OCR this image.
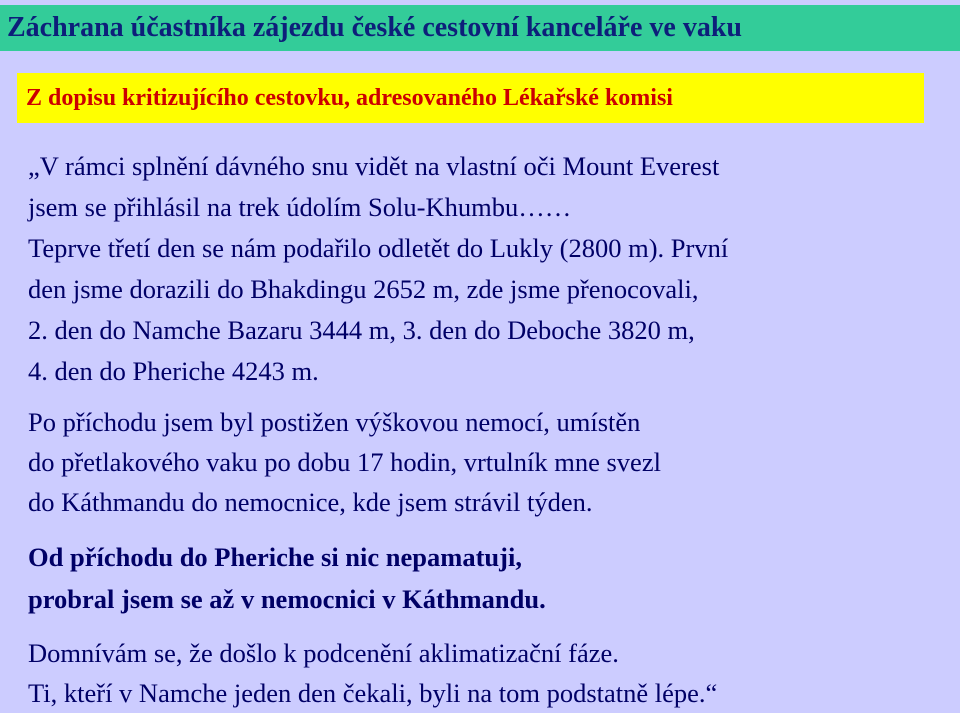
Záchrana účastníka zájezdu české cestovní kanceláře ve vaku
Z dopisu kritizujícího cestovku, adresovaného Lékařské komisi
„V rámci splnění dávného snu vidět na vlastní oči Mount Everest
jsem se přihlásil na trek údolím Solu-Khumbu……
Teprve třetí den se nám podařilo odletět do Lukly (2800 m). První
den jsme dorazili do Bhakdingu 2652 m, zde jsme přenocovali,
2. den do Namche Bazaru 3444 m, 3. den do Deboche 3820 m,
4. den do Pheriche 4243 m.
Po příchodu jsem byl postižen výškovou nemocí, umístěn
do přetlakového vaku po dobu 17 hodin, vrtulník mne svezl
do Káthmandu do nemocnice, kde jsem strávil týden.
Od příchodu do Pheriche si nic nepamatuji,
probral jsem se až v nemocnici v Káthmandu.
Domnívám se, že došlo k podcenění aklimatizační fáze.
Ti, kteří v Namche jeden den čekali, byli na tom podstatně lépe.“
